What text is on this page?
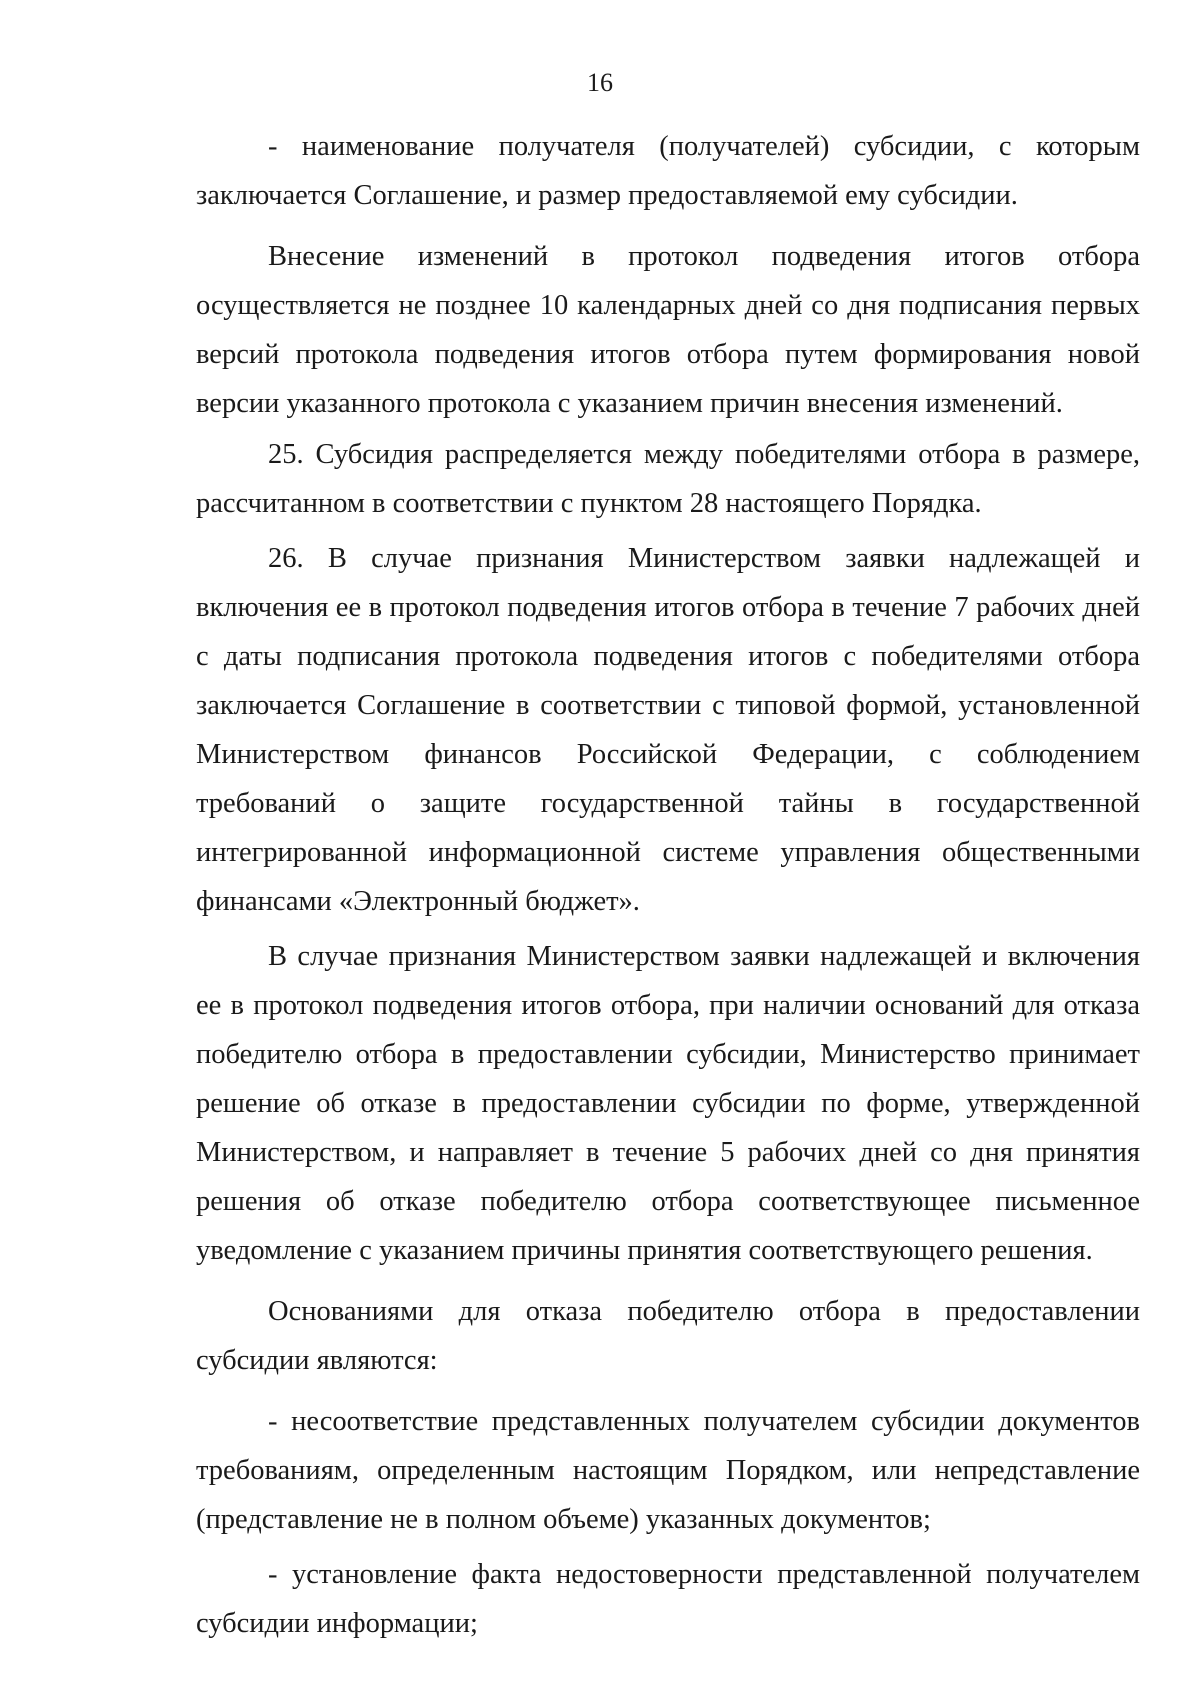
16

- наименование получателя (получателей) субсидии, с которым заключается Соглашение, и размер предоставляемой ему субсидии.

Внесение изменений в протокол подведения итогов отбора осуществляется не позднее 10 календарных дней со дня подписания первых версий протокола подведения итогов отбора путем формирования новой версии указанного протокола с указанием причин внесения изменений.

25. Субсидия распределяется между победителями отбора в размере, рассчитанном в соответствии с пунктом 28 настоящего Порядка.

26. В случае признания Министерством заявки надлежащей и включения ее в протокол подведения итогов отбора в течение 7 рабочих дней с даты подписания протокола подведения итогов с победителями отбора заключается Соглашение в соответствии с типовой формой, установленной Министерством финансов Российской Федерации, с соблюдением требований о защите государственной тайны в государственной интегрированной информационной системе управления общественными финансами «Электронный бюджет».

В случае признания Министерством заявки надлежащей и включения ее в протокол подведения итогов отбора, при наличии оснований для отказа победителю отбора в предоставлении субсидии, Министерство принимает решение об отказе в предоставлении субсидии по форме, утвержденной Министерством, и направляет в течение 5 рабочих дней со дня принятия решения об отказе победителю отбора соответствующее письменное уведомление с указанием причины принятия соответствующего решения.

Основаниями для отказа победителю отбора в предоставлении субсидии являются:

- несоответствие представленных получателем субсидии документов требованиям, определенным настоящим Порядком, или непредставление (представление не в полном объеме) указанных документов;

- установление факта недостоверности представленной получателем субсидии информации;
